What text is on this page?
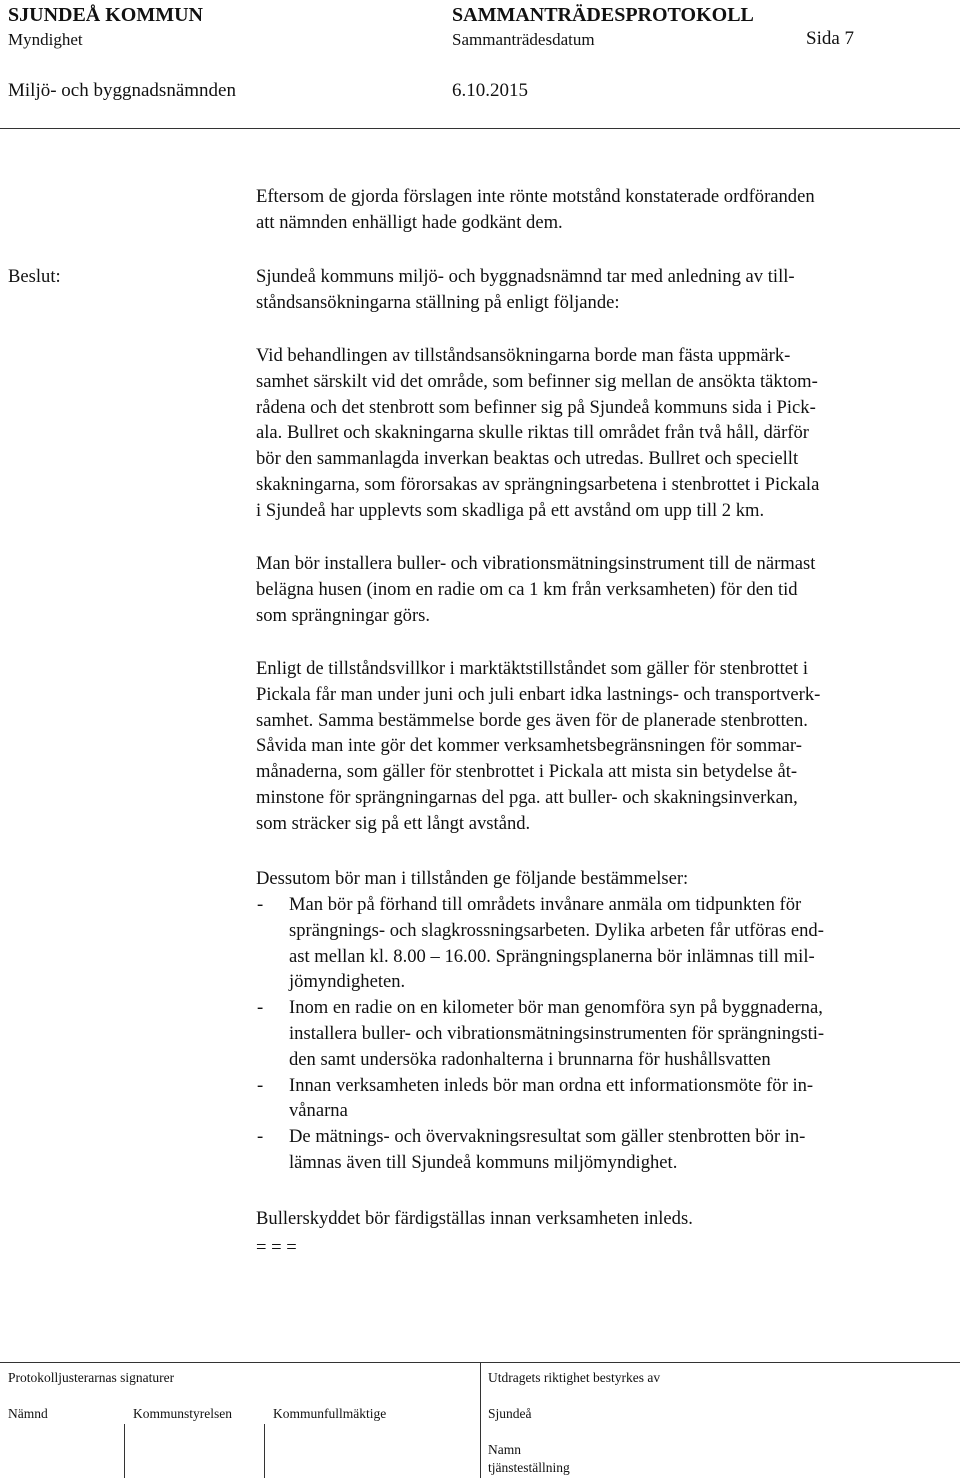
SJUNDEÅ KOMMUN	SAMMANTRÄDESPROTOKOLL
Myndighet	Sammanträdesdatum	Sida 7
Miljö- och byggnadsnämnden	6.10.2015
Eftersom de gjorda förslagen inte rönte motstånd konstaterade ordföranden
att nämnden enhälligt hade godkänt dem.
Beslut:	Sjundeå kommuns miljö- och byggnadsnämnd tar med anledning av till-
ståndsansökningarna ställning på enligt följande:
Vid behandlingen av tillståndsansökningarna borde man fästa uppmärk-
samhet särskilt vid det område, som befinner sig mellan de ansökta täktom-
rådena och det stenbrott som befinner sig på Sjundeå kommuns sida i Pick-
ala. Bullret och skakningarna skulle riktas till området från två håll, därför
bör den sammanlagda inverkan beaktas och utredas. Bullret och speciellt
skakningarna, som förorsakas av sprängningsarbetena i stenbrottet i Pickala
i Sjundeå har upplevts som skadliga på ett avstånd om upp till 2 km.
Man bör installera buller- och vibrationsmätningsinstrument till de närmast
belägna husen (inom en radie om ca 1 km från verksamheten) för den tid
som sprängningar görs.
Enligt de tillståndsvillkor i marktäktstillståndet som gäller för stenbrottet i
Pickala får man under juni och juli enbart idka lastnings- och transportverk-
samhet. Samma bestämmelse borde ges även för de planerade stenbrotten.
Såvida man inte gör det kommer verksamhetsbegränsningen för sommar-
månaderna, som gäller för stenbrottet i Pickala att mista sin betydelse åt-
minstone för sprängningarnas del pga. att buller- och skakningsinverkan,
som sträcker sig på ett långt avstånd.
Dessutom bör man i tillstånden ge följande bestämmelser:
- Man bör på förhand till områdets invånare anmäla om tidpunkten för
sprängnings- och slagkrossningsarbeten. Dylika arbeten får utföras end-
ast mellan kl. 8.00 – 16.00. Sprängningsplanerna bör inlämnas till mil-
jömyndigheten.
- Inom en radie on en kilometer bör man genomföra syn på byggnaderna,
installera buller- och vibrationsmätningsinstrumenten för sprängningsti-
den samt undersöka radonhalterna i brunnarna för hushållsvatten
- Innan verksamheten inleds bör man ordna ett informationsmöte för in-
vånarna
- De mätnings- och övervakningsresultat som gäller stenbrotten bör in-
lämnas även till Sjundeå kommuns miljömyndighet.
Bullerskyddet bör färdigställas innan verksamheten inleds.
= = =
Protokolljusterarnas signaturer	Utdragets riktighet bestyrkes av
Nämnd	Kommunstyrelsen	Kommunfullmäktige	Sjundeå
Namn
tjänsteställning
